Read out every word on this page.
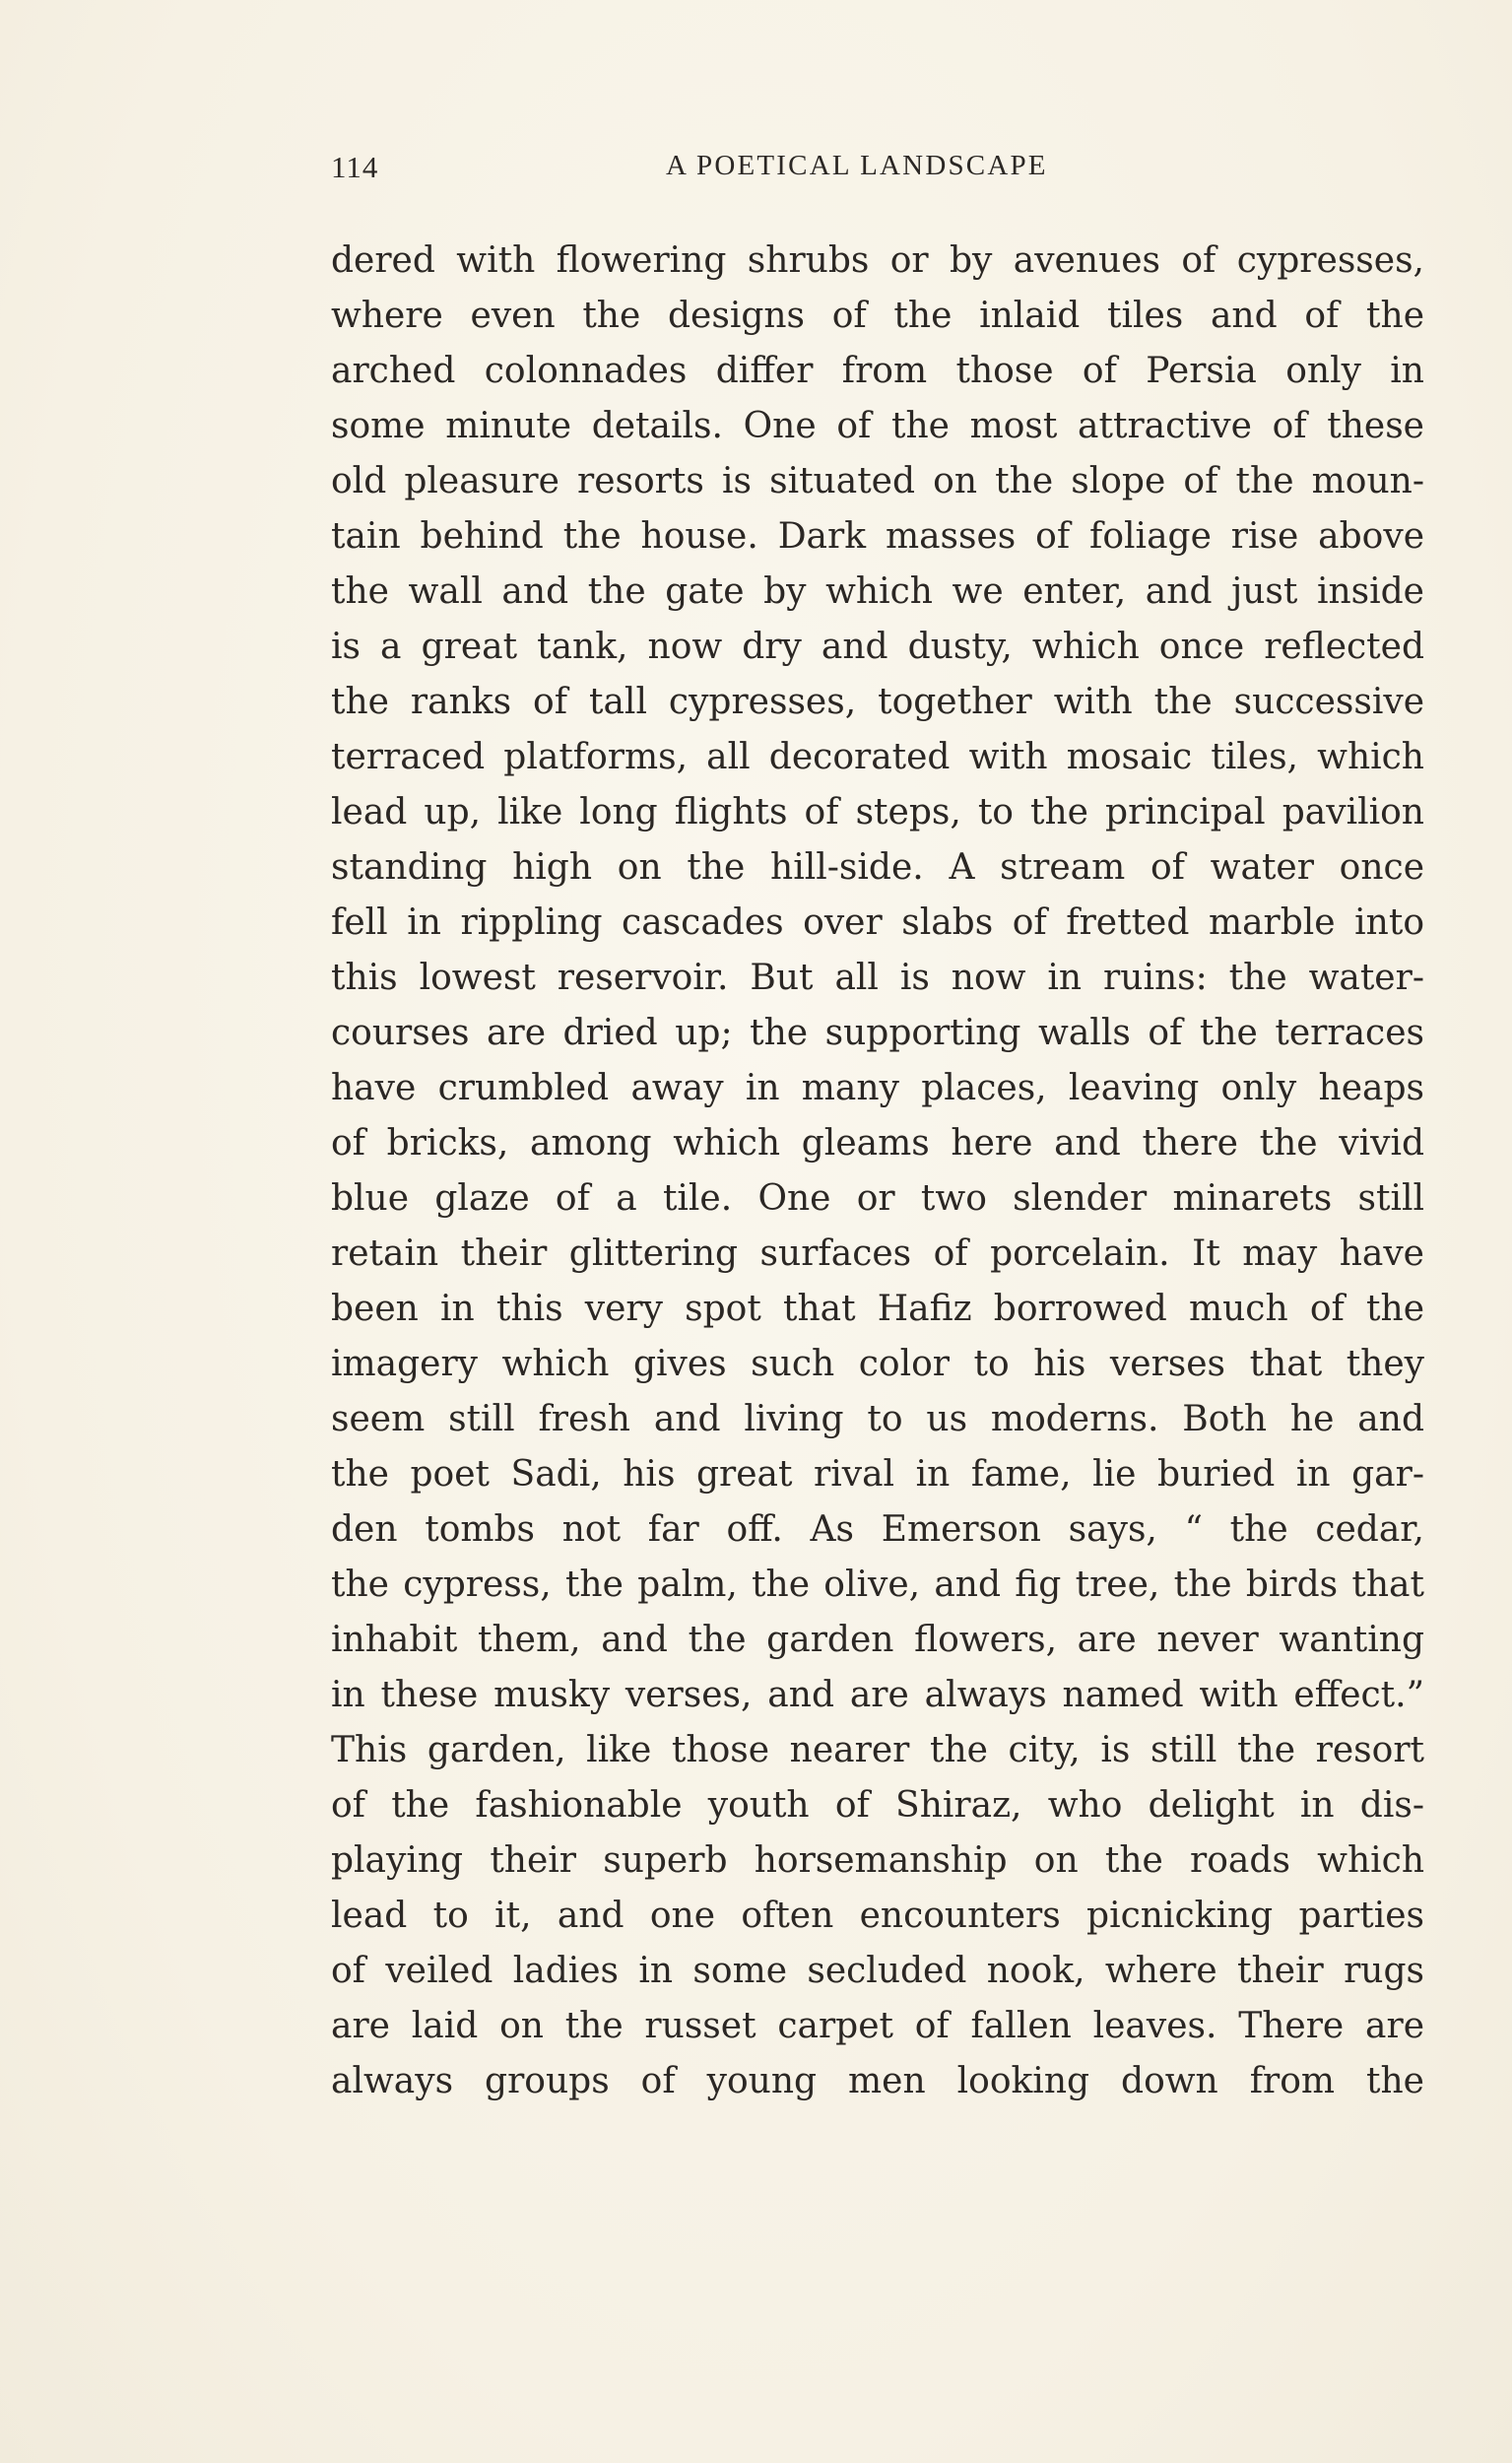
114	A POETICAL LANDSCAPE
dered with flowering shrubs or by avenues of cypresses,
where even the designs of the inlaid tiles and of the
arched colonnades differ from those of Persia only in
some minute details. One of the most attractive of these
old pleasure resorts is situated on the slope of the moun-
tain behind the house. Dark masses of foliage rise above
the wall and the gate by which we enter, and just inside
is a great tank, now dry and dusty, which once reflected
the ranks of tall cypresses, together with the successive
terraced platforms, all decorated with mosaic tiles, which
lead up, like long flights of steps, to the principal pavilion
standing high on the hill-side. A stream of water once
fell in rippling cascades over slabs of fretted marble into
this lowest reservoir. But all is now in ruins: the water-
courses are dried up; the supporting walls of the terraces
have crumbled away in many places, leaving only heaps
of bricks, among which gleams here and there the vivid
blue glaze of a tile. One or two slender minarets still
retain their glittering surfaces of porcelain. It may have
been in this very spot that Hafiz borrowed much of the
imagery which gives such color to his verses that they
seem still fresh and living to us moderns. Both he and
the poet Sadi, his great rival in fame, lie buried in gar-
den tombs not far off. As Emerson says, “ the cedar,
the cypress, the palm, the olive, and fig tree, the birds that
inhabit them, and the garden flowers, are never wanting
in these musky verses, and are always named with effect.”
This garden, like those nearer the city, is still the resort
of the fashionable youth of Shiraz, who delight in dis-
playing their superb horsemanship on the roads which
lead to it, and one often encounters picnicking parties
of veiled ladies in some secluded nook, where their rugs
are laid on the russet carpet of fallen leaves. There are
always groups of young men looking down from the
